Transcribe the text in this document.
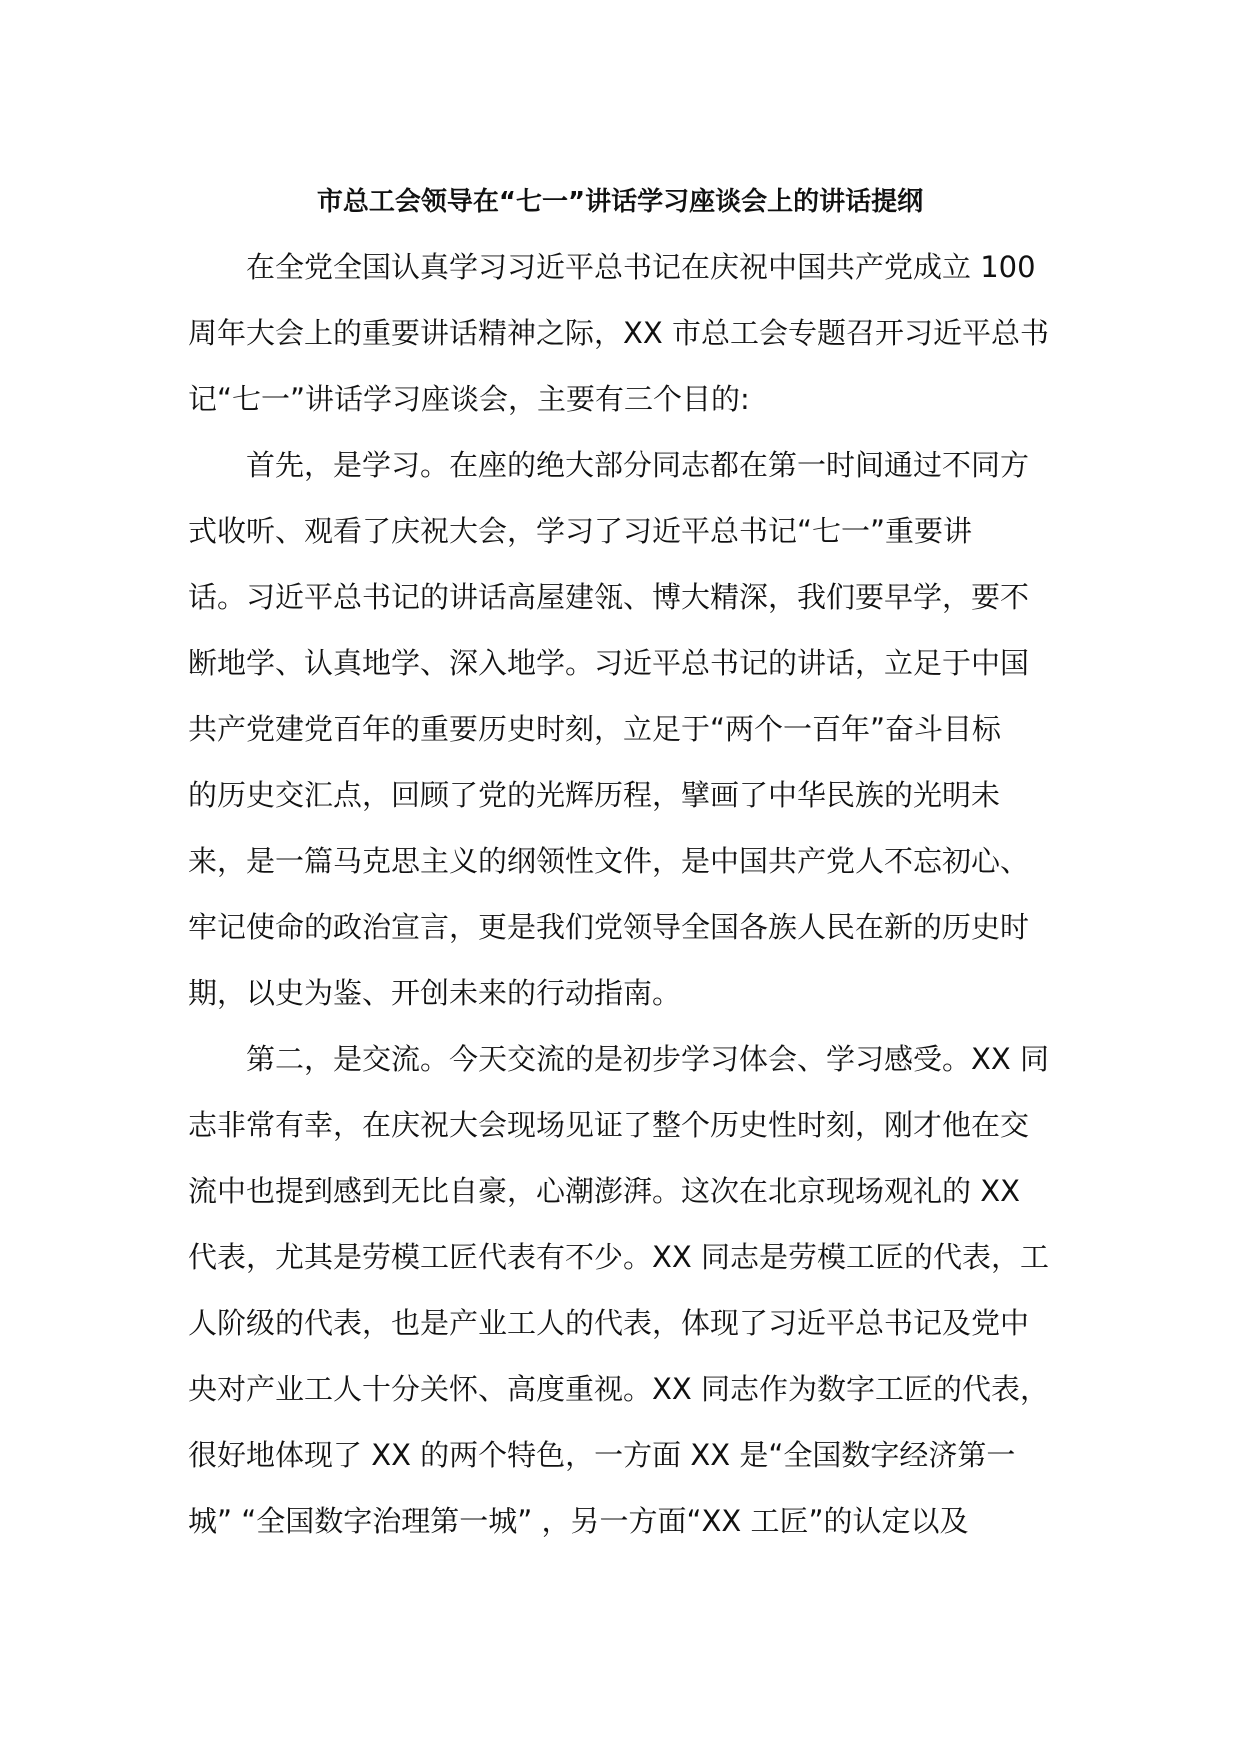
市总工会领导在“七一”讲话学习座谈会上的讲话提纲
在全党全国认真学习习近平总书记在庆祝中国共产党成立 100
周年大会上的重要讲话精神之际，XX 市总工会专题召开习近平总书
记“七一”讲话学习座谈会，主要有三个目的:
首先，是学习。在座的绝大部分同志都在第一时间通过不同方
式收听、观看了庆祝大会，学习了习近平总书记“七一”重要讲
话。习近平总书记的讲话高屋建瓴、博大精深，我们要早学，要不
断地学、认真地学、深入地学。习近平总书记的讲话，立足于中国
共产党建党百年的重要历史时刻，立足于“两个一百年”奋斗目标
的历史交汇点，回顾了党的光辉历程，擘画了中华民族的光明未
来，是一篇马克思主义的纲领性文件，是中国共产党人不忘初心、
牢记使命的政治宣言，更是我们党领导全国各族人民在新的历史时
期，以史为鉴、开创未来的行动指南。
第二，是交流。今天交流的是初步学习体会、学习感受。XX 同
志非常有幸，在庆祝大会现场见证了整个历史性时刻，刚才他在交
流中也提到感到无比自豪，心潮澎湃。这次在北京现场观礼的 XX
代表，尤其是劳模工匠代表有不少。XX 同志是劳模工匠的代表，工
人阶级的代表，也是产业工人的代表，体现了习近平总书记及党中
央对产业工人十分关怀、高度重视。XX 同志作为数字工匠的代表，
很好地体现了 XX 的两个特色，一方面 XX 是“全国数字经济第一
城” “全国数字治理第一城” ，另一方面“XX 工匠”的认定以及
